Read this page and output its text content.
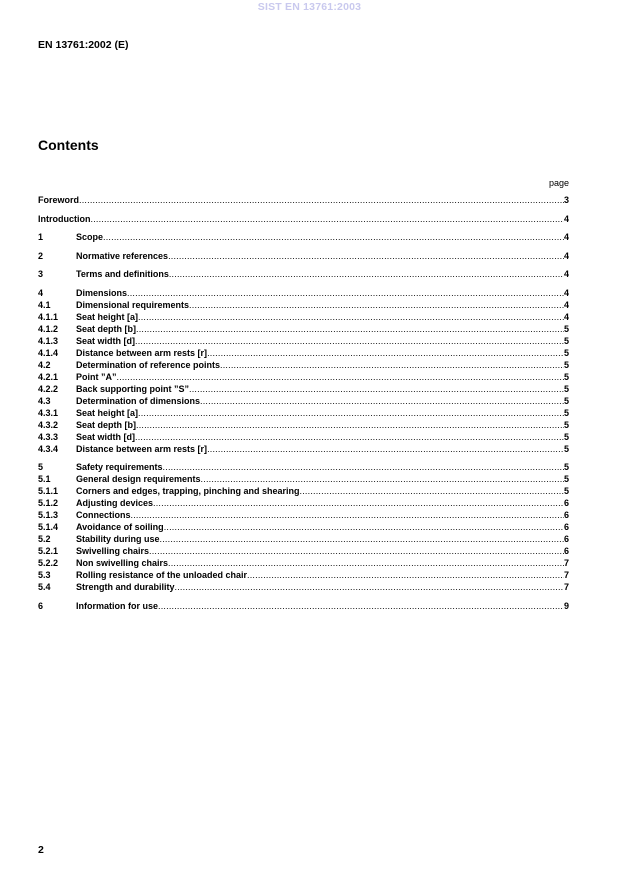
SIST EN 13761:2003
EN 13761:2002 (E)
Contents
page
Foreword .....	3
Introduction .....	4
1	Scope .....	4
2	Normative references .....	4
3	Terms and definitions .....	4
4	Dimensions .....	4
4.1	Dimensional requirements .....	4
4.1.1	Seat height [a] .....	4
4.1.2	Seat depth [b] .....	5
4.1.3	Seat width [d] .....	5
4.1.4	Distance between arm rests [r] .....	5
4.2	Determination of reference points .....	5
4.2.1	Point ”A” .....	5
4.2.2	Back supporting point ”S” .....	5
4.3	Determination of dimensions .....	5
4.3.1	Seat height [a] .....	5
4.3.2	Seat depth [b] .....	5
4.3.3	Seat width [d] .....	5
4.3.4	Distance between arm rests [r] .....	5
5	Safety requirements .....	5
5.1	General design requirements .....	5
5.1.1	Corners and edges, trapping, pinching and shearing .....	5
5.1.2	Adjusting devices .....	6
5.1.3	Connections .....	6
5.1.4	Avoidance of soiling .....	6
5.2	Stability during use .....	6
5.2.1	Swivelling chairs .....	6
5.2.2	Non swivelling chairs .....	7
5.3	Rolling resistance of the unloaded chair .....	7
5.4	Strength and durability .....	7
6	Information for use .....	9
2
